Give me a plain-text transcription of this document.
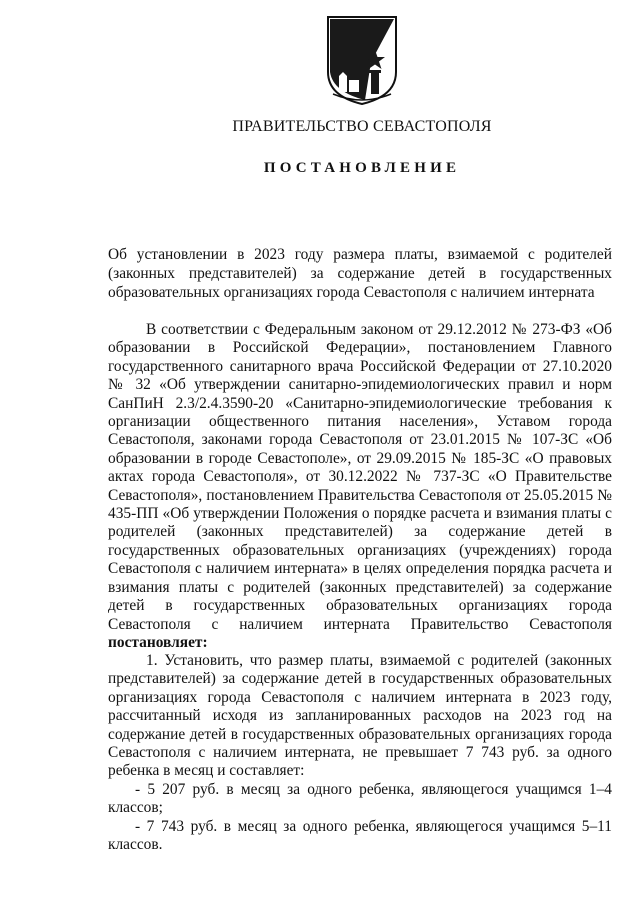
ПРАВИТЕЛЬСТВО СЕВАСТОПОЛЯ
ПОСТАНОВЛЕНИЕ
Об установлении в 2023 году размера платы, взимаемой с родителей (законных представителей) за содержание детей в государственных образовательных организациях города Севастополя с наличием интерната

В соответствии с Федеральным законом от 29.12.2012 № 273-ФЗ «Об образовании в Российской Федерации», постановлением Главного государственного санитарного врача Российской Федерации от 27.10.2020 № 32 «Об утверждении санитарно-эпидемиологических правил и норм СанПиН 2.3/2.4.3590-20 «Санитарно-эпидемиологические требования к организации общественного питания населения», Уставом города Севастополя, законами города Севастополя от 23.01.2015 № 107-ЗС «Об образовании в городе Севастополе», от 29.09.2015 № 185-ЗС «О правовых актах города Севастополя», от 30.12.2022 № 737-ЗС «О Правительстве Севастополя», постановлением Правительства Севастополя от 25.05.2015 № 435-ПП «Об утверждении Положения о порядке расчета и взимания платы с родителей (законных представителей) за содержание детей в государственных образовательных организациях (учреждениях) города Севастополя с наличием интерната» в целях определения порядка расчета и взимания платы с родителей (законных представителей) за содержание детей в государственных образовательных организациях города Севастополя с наличием интерната Правительство Севастополя постановляет:

1. Установить, что размер платы, взимаемой с родителей (законных представителей) за содержание детей в государственных образовательных организациях города Севастополя с наличием интерната в 2023 году, рассчитанный исходя из запланированных расходов на 2023 год на содержание детей в государственных образовательных организациях города Севастополя с наличием интерната, не превышает 7 743 руб. за одного ребенка в месяц и составляет:

- 5 207 руб. в месяц за одного ребенка, являющегося учащимся 1–4 классов;

- 7 743 руб. в месяц за одного ребенка, являющегося учащимся 5–11 классов.
